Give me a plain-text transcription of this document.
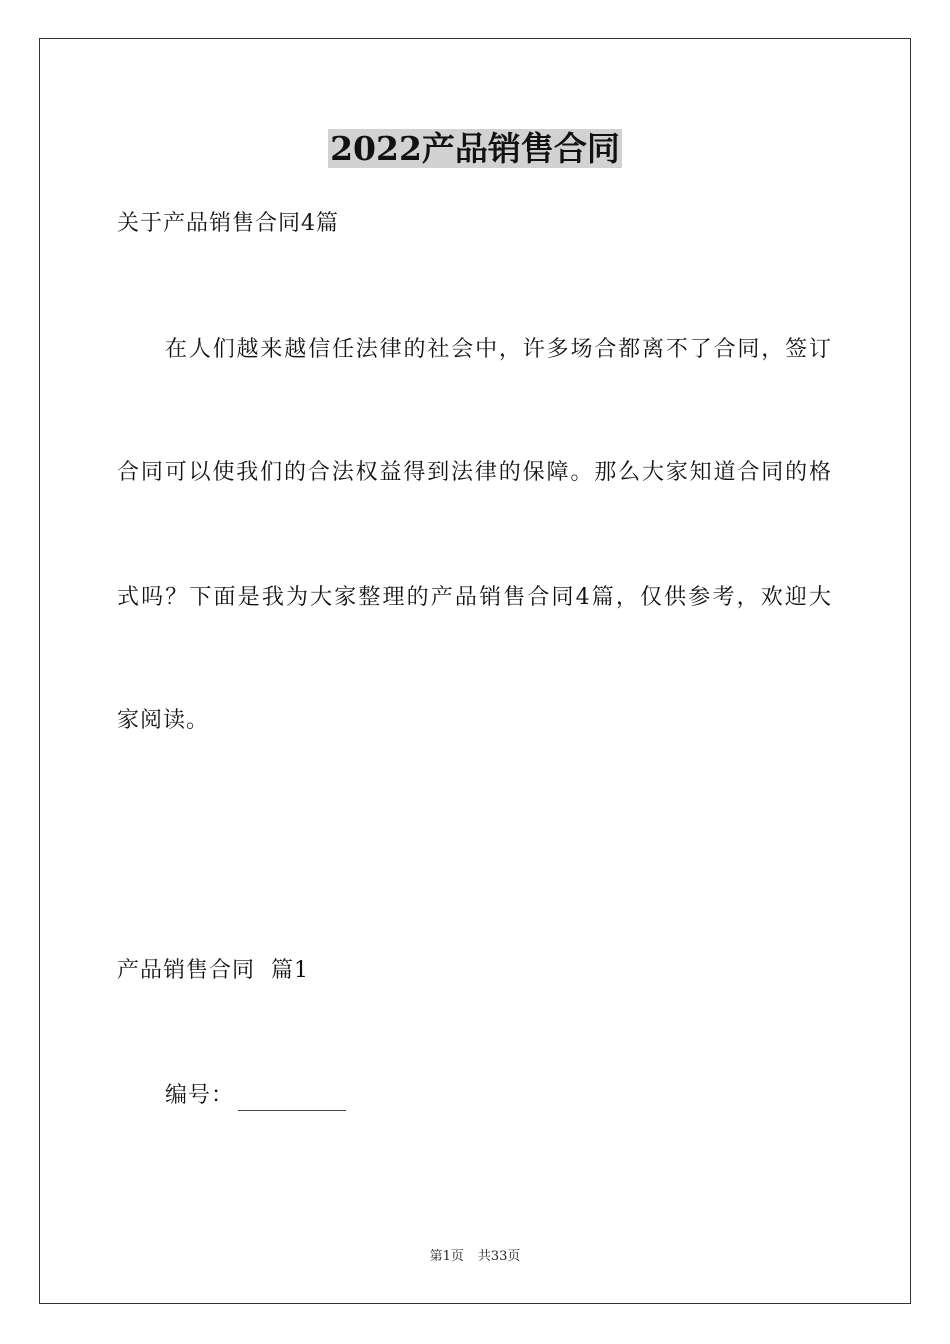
2022产品销售合同
关于产品销售合同4篇
在人们越来越信任法律的社会中，许多场合都离不了合同，签订
合同可以使我们的合法权益得到法律的保障。那么大家知道合同的格
式吗？下面是我为大家整理的产品销售合同4篇，仅供参考，欢迎大
家阅读。
产品销售合同  篇1
编号：
第1页 共33页
